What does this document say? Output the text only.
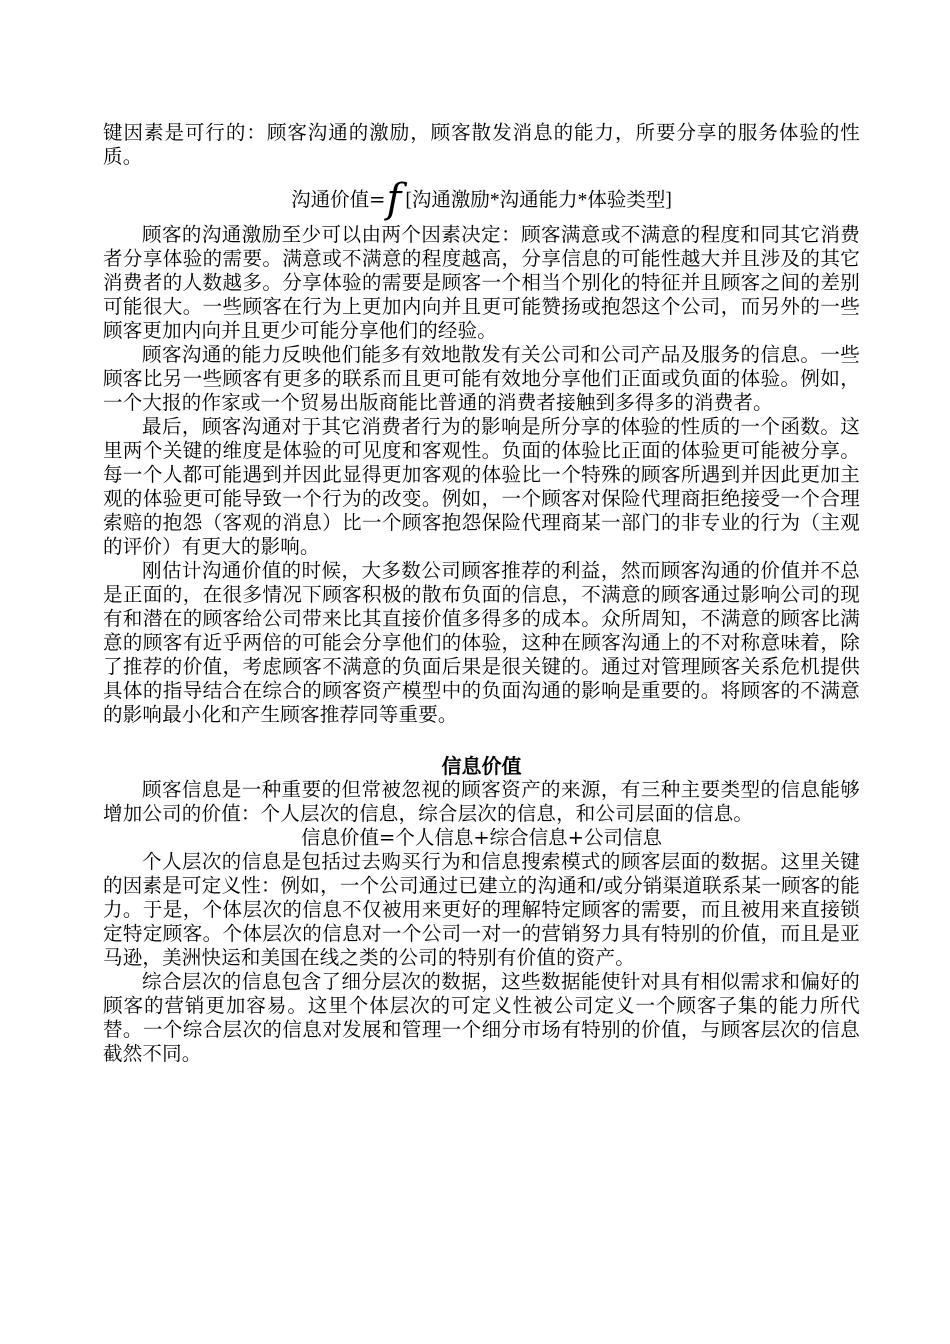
键因素是可行的：顾客沟通的激励，顾客散发消息的能力，所要分享的服务体验的性质。

沟通价值=f [沟通激励*沟通能力*体验类型]

顾客的沟通激励至少可以由两个因素决定：顾客满意或不满意的程度和同其它消费者分享体验的需要。满意或不满意的程度越高，分享信息的可能性越大并且涉及的其它消费者的人数越多。分享体验的需要是顾客一个相当个别化的特征并且顾客之间的差别可能很大。一些顾客在行为上更加内向并且更可能赞扬或抱怨这个公司，而另外的一些顾客更加内向并且更少可能分享他们的经验。

顾客沟通的能力反映他们能多有效地散发有关公司和公司产品及服务的信息。一些顾客比另一些顾客有更多的联系而且更可能有效地分享他们正面或负面的体验。例如，一个大报的作家或一个贸易出版商能比普通的消费者接触到多得多的消费者。

最后，顾客沟通对于其它消费者行为的影响是所分享的体验的性质的一个函数。这里两个关键的维度是体验的可见度和客观性。负面的体验比正面的体验更可能被分享。每一个人都可能遇到并因此显得更加客观的体验比一个特殊的顾客所遇到并因此更加主观的体验更可能导致一个行为的改变。例如，一个顾客对保险代理商拒绝接受一个合理索赔的抱怨（客观的消息）比一个顾客抱怨保险代理商某一部门的非专业的行为（主观的评价）有更大的影响。

刚估计沟通价值的时候，大多数公司顾客推荐的利益，然而顾客沟通的价值并不总是正面的，在很多情况下顾客积极的散布负面的信息，不满意的顾客通过影响公司的现有和潜在的顾客给公司带来比其直接价值多得多的成本。众所周知，不满意的顾客比满意的顾客有近乎两倍的可能会分享他们的体验，这种在顾客沟通上的不对称意味着，除了推荐的价值，考虑顾客不满意的负面后果是很关键的。通过对管理顾客关系危机提供具体的指导结合在综合的顾客资产模型中的负面沟通的影响是重要的。将顾客的不满意的影响最小化和产生顾客推荐同等重要。

信息价值

顾客信息是一种重要的但常被忽视的顾客资产的来源，有三种主要类型的信息能够增加公司的价值：个人层次的信息，综合层次的信息，和公司层面的信息。

信息价值=个人信息+综合信息+公司信息

个人层次的信息是包括过去购买行为和信息搜索模式的顾客层面的数据。这里关键的因素是可定义性：例如，一个公司通过已建立的沟通和/或分销渠道联系某一顾客的能力。于是，个体层次的信息不仅被用来更好的理解特定顾客的需要，而且被用来直接锁定特定顾客。个体层次的信息对一个公司一对一的营销努力具有特别的价值，而且是亚马逊，美洲快运和美国在线之类的公司的特别有价值的资产。

综合层次的信息包含了细分层次的数据，这些数据能使针对具有相似需求和偏好的顾客的营销更加容易。这里个体层次的可定义性被公司定义一个顾客子集的能力所代替。一个综合层次的信息对发展和管理一个细分市场有特别的价值，与顾客层次的信息截然不同。
